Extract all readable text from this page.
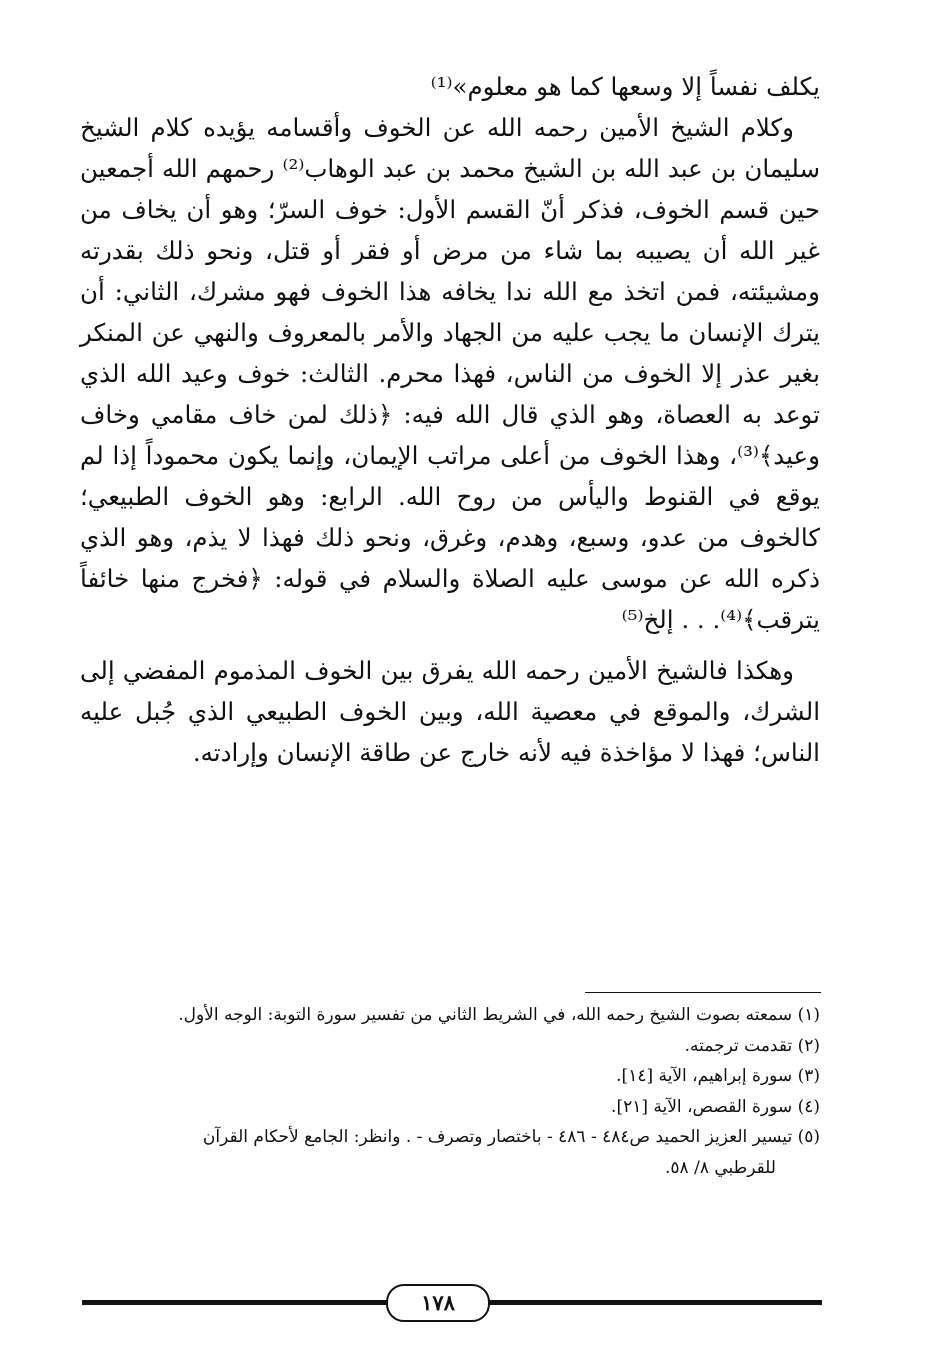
يكلف نفساً إلا وسعها كما هو معلوم»⁽¹⁾

وكلام الشيخ الأمين رحمه الله عن الخوف وأقسامه يؤيده كلام الشيخ سليمان بن عبد الله بن الشيخ محمد بن عبد الوهاب⁽²⁾ رحمهم الله أجمعين حين قسم الخوف، فذكر أنّ القسم الأول: خوف السرّ؛ وهو أن يخاف من غير الله أن يصيبه بما شاء من مرض أو فقر أو قتل، ونحو ذلك بقدرته ومشيئته، فمن اتخذ مع الله ندا يخافه هذا الخوف فهو مشرك، الثاني: أن يترك الإنسان ما يجب عليه من الجهاد والأمر بالمعروف والنهي عن المنكر بغير عذر إلا الخوف من الناس، فهذا محرم. الثالث: خوف وعيد الله الذي توعد به العصاة، وهو الذي قال الله فيه: ﴿ذلك لمن خاف مقامي وخاف وعيد﴾⁽³⁾، وهذا الخوف من أعلى مراتب الإيمان، وإنما يكون محموداً إذا لم يوقع في القنوط واليأس من روح الله. الرابع: وهو الخوف الطبيعي؛ كالخوف من عدو، وسبع، وهدم، وغرق، ونحو ذلك فهذا لا يذم، وهو الذي ذكره الله عن موسى عليه الصلاة والسلام في قوله: ﴿فخرج منها خائفاً يترقب﴾⁽⁴⁾. . . إلخ⁽⁵⁾

وهكذا فالشيخ الأمين رحمه الله يفرق بين الخوف المذموم المفضي إلى الشرك، والموقع في معصية الله، وبين الخوف الطبيعي الذي جُبل عليه الناس؛ فهذا لا مؤاخذة فيه لأنه خارج عن طاقة الإنسان وإرادته.

(١) سمعته بصوت الشيخ رحمه الله، في الشريط الثاني من تفسير سورة التوبة: الوجه الأول.

(٢) تقدمت ترجمته.

(٣) سورة إبراهيم، الآية [١٤].

(٤) سورة القصص، الآية [٢١].

(٥) تيسير العزيز الحميد ص٤٨٤ - ٤٨٦ - باختصار وتصرف - . وانظر: الجامع لأحكام القرآن
للقرطبي ٨/ ٥٨.

١٧٨
